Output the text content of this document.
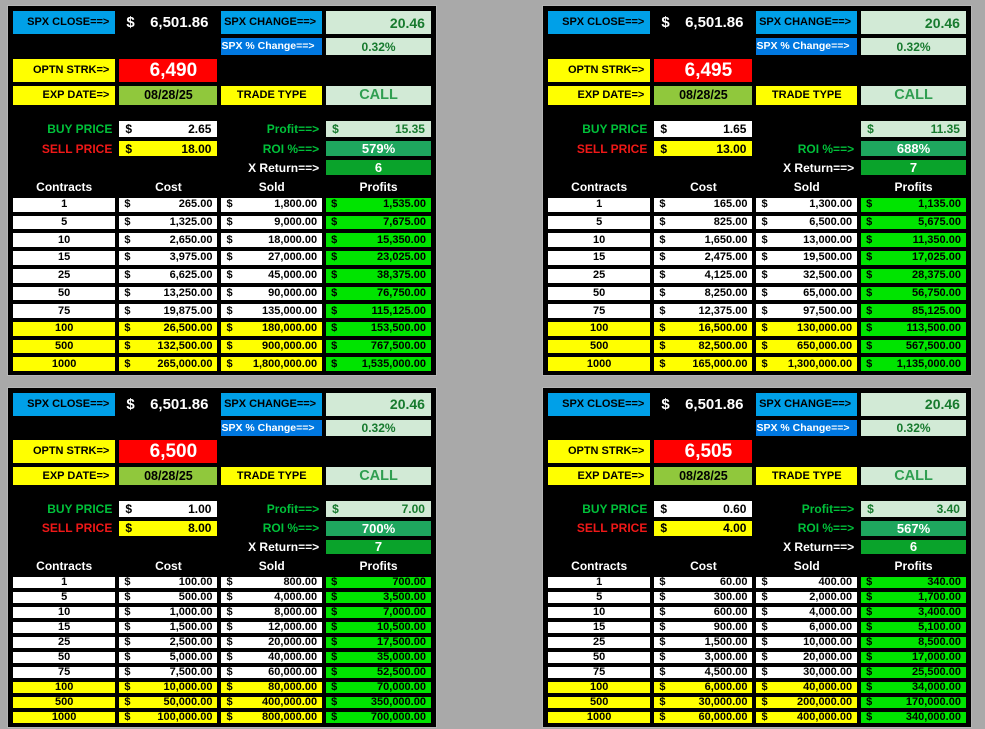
SPX CLOSE==>	$ 6,501.86	SPX CHANGE==>	20.46
SPX % Change==>	0.32%
OPTN STRK=>	6,490
EXP DATE=>	08/28/25	TRADE TYPE	CALL
BUY PRICE	$	2.65	Profit==>	$	15.35
SELL PRICE	$	18.00	ROI %==>	579%
X Return==>	6
Contracts	Cost	Sold	Profits
1	$	265.00 $	1,800.00 $	1,535.00
5	$	1,325.00 $	9,000.00 $	7,675.00
10	$	2,650.00 $	18,000.00 $	15,350.00
15	$	3,975.00 $	27,000.00 $	23,025.00
25	$	6,625.00 $	45,000.00 $	38,375.00
50	$	13,250.00 $	90,000.00 $	76,750.00
75	$	19,875.00 $	135,000.00 $	115,125.00
100	$	26,500.00 $	180,000.00 $	153,500.00
500	$ 132,500.00 $	900,000.00 $	767,500.00
1000	$ 265,000.00 $ 1,800,000.00 $ 1,535,000.00
SPX CLOSE==>	$ 6,501.86	SPX CHANGE==>	20.46
SPX % Change==>	0.32%
OPTN STRK=>	6,495
EXP DATE=>	08/28/25	TRADE TYPE	CALL
BUY PRICE	$	1.65	$	11.35
SELL PRICE	$	13.00	ROI %==>	688%
X Return==>	7
Contracts	Cost	Sold	Profits
1	$	165.00 $	1,300.00 $	1,135.00
5	$	825.00 $	6,500.00 $	5,675.00
10	$	1,650.00 $	13,000.00 $	11,350.00
15	$	2,475.00 $	19,500.00 $	17,025.00
25	$	4,125.00 $	32,500.00 $	28,375.00
50	$	8,250.00 $	65,000.00 $	56,750.00
75	$	12,375.00 $	97,500.00 $	85,125.00
100	$	16,500.00 $	130,000.00 $	113,500.00
500	$	82,500.00 $	650,000.00 $	567,500.00
1000	$ 165,000.00 $ 1,300,000.00 $ 1,135,000.00
SPX CLOSE==>	$ 6,501.86	SPX CHANGE==>	20.46
SPX % Change==>	0.32%
OPTN STRK=>	6,500
EXP DATE=>	08/28/25	TRADE TYPE	CALL
BUY PRICE	$	1.00	Profit==>	$	7.00
SELL PRICE	$	8.00	ROI %==>	700%
X Return==>	7
Contracts	Cost	Sold	Profits
1	$	100.00 $	800.00 $	700.00
5	$	500.00 $	4,000.00 $	3,500.00
10	$	1,000.00 $	8,000.00 $	7,000.00
15	$	1,500.00 $	12,000.00 $	10,500.00
25	$	2,500.00 $	20,000.00 $	17,500.00
50	$	5,000.00 $	40,000.00 $	35,000.00
75	$	7,500.00 $	60,000.00 $	52,500.00
100	$	10,000.00 $	80,000.00 $	70,000.00
500	$	50,000.00 $	400,000.00 $	350,000.00
1000	$ 100,000.00 $	800,000.00 $	700,000.00
SPX CLOSE==>	$ 6,501.86	SPX CHANGE==>	20.46
SPX % Change==>	0.32%
OPTN STRK=>	6,505
EXP DATE=>	08/28/25	TRADE TYPE	CALL
BUY PRICE	$	0.60	Profit==>	$	3.40
SELL PRICE	$	4.00	ROI %==>	567%
X Return==>	6
Contracts	Cost	Sold	Profits
1	$	60.00 $	400.00 $	340.00
5	$	300.00 $	2,000.00 $	1,700.00
10	$	600.00 $	4,000.00 $	3,400.00
15	$	900.00 $	6,000.00 $	5,100.00
25	$	1,500.00 $	10,000.00 $	8,500.00
50	$	3,000.00 $	20,000.00 $	17,000.00
75	$	4,500.00 $	30,000.00 $	25,500.00
100	$	6,000.00 $	40,000.00 $	34,000.00
500	$	30,000.00 $	200,000.00 $	170,000.00
1000	$	60,000.00 $	400,000.00 $	340,000.00
